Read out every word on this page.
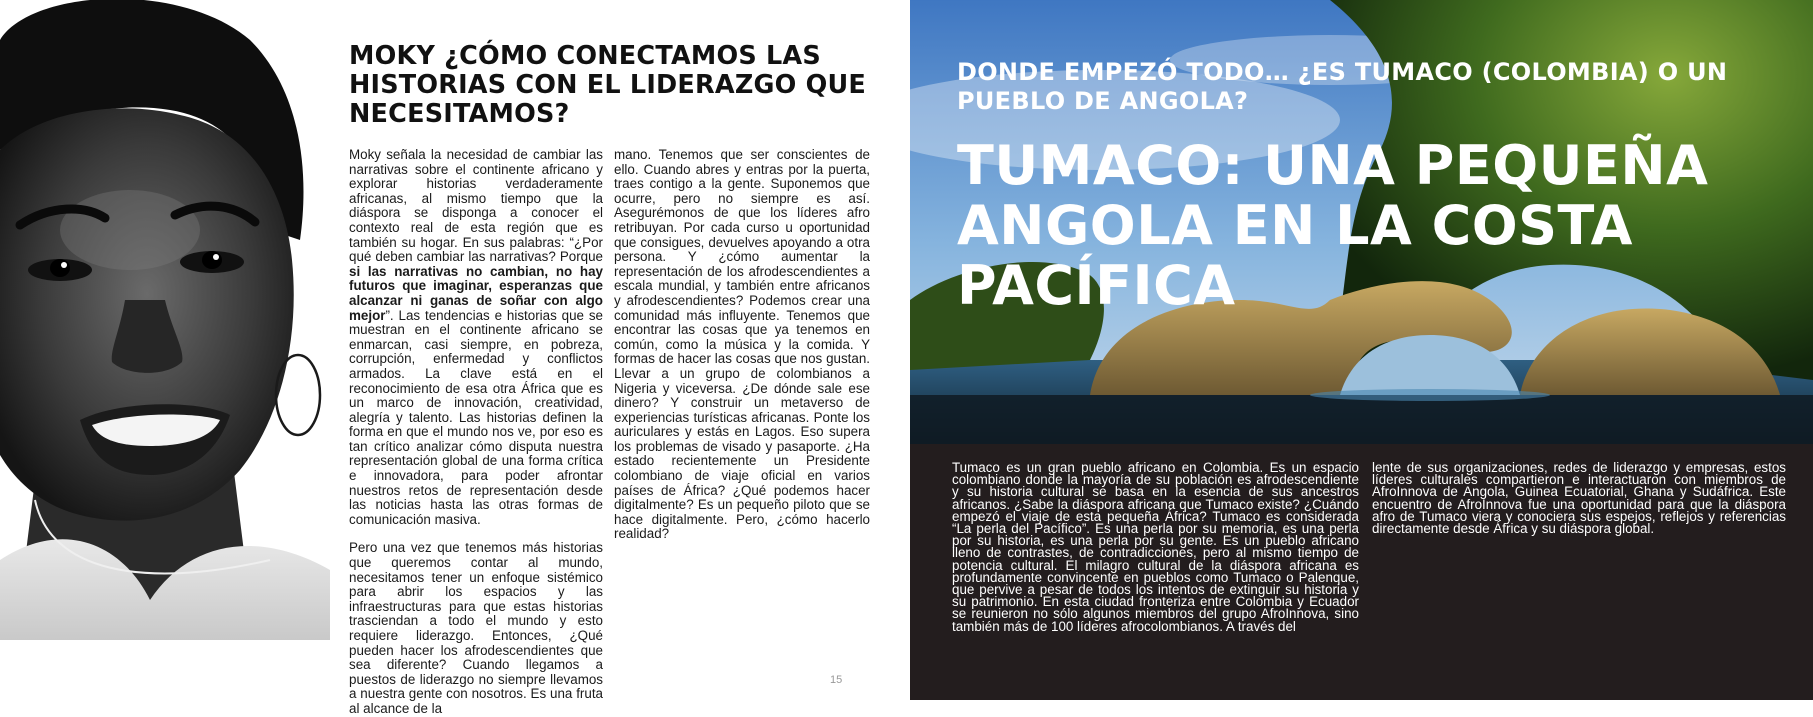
MOKY ¿CÓMO CONECTAMOS LAS HISTORIAS CON EL LIDERAZGO QUE NECESITAMOS?

Moky señala la necesidad de cambiar las narrativas sobre el continente africano y explorar historias verdaderamente africanas, al mismo tiempo que la diáspora se disponga a conocer el contexto real de esta región que es también su hogar. En sus palabras: “¿Por qué deben cambiar las narrativas? Porque si las narrativas no cambian, no hay futuros que imaginar, esperanzas que alcanzar ni ganas de soñar con algo mejor”. Las tendencias e historias que se muestran en el continente africano se enmarcan, casi siempre, en pobreza, corrupción, enfermedad y conflictos armados. La clave está en el reconocimiento de esa otra África que es un marco de innovación, creatividad, alegría y talento. Las historias definen la forma en que el mundo nos ve, por eso es tan crítico analizar cómo disputa nuestra representación global de una forma crítica e innovadora, para poder afrontar nuestros retos de representación desde las noticias hasta las otras formas de comunicación masiva.

Pero una vez que tenemos más historias que queremos contar al mundo, necesitamos tener un enfoque sistémico para abrir los espacios y las infraestructuras para que estas historias trasciendan a todo el mundo y esto requiere liderazgo. Entonces, ¿Qué pueden hacer los afrodescendientes que sea diferente? Cuando llegamos a puestos de liderazgo no siempre llevamos a nuestra gente con nosotros. Es una fruta al alcance de la

mano. Tenemos que ser conscientes de ello. Cuando abres y entras por la puerta, traes contigo a la gente. Suponemos que ocurre, pero no siempre es así. Asegurémonos de que los líderes afro retribuyan. Por cada curso u oportunidad que consigues, devuelves apoyando a otra persona. Y ¿cómo aumentar la representación de los afrodescendientes a escala mundial, y también entre africanos y afrodescendientes? Podemos crear una comunidad más influyente. Tenemos que encontrar las cosas que ya tenemos en común, como la música y la comida. Y formas de hacer las cosas que nos gustan. Llevar a un grupo de colombianos a Nigeria y viceversa. ¿De dónde sale ese dinero? Y construir un metaverso de experiencias turísticas africanas. Ponte los auriculares y estás en Lagos. Eso supera los problemas de visado y pasaporte. ¿Ha estado recientemente un Presidente colombiano de viaje oficial en varios países de África? ¿Qué podemos hacer digitalmente? Es un pequeño piloto que se hace digitalmente. Pero, ¿cómo hacerlo realidad?

15
DONDE EMPEZÓ TODO… ¿ES TUMACO (COLOMBIA) O UN PUEBLO DE ANGOLA?
TUMACO: UNA PEQUEÑA ANGOLA EN LA COSTA PACÍFICA

Tumaco es un gran pueblo africano en Colombia. Es un espacio colombiano donde la mayoría de su población es afrodescendiente y su historia cultural se basa en la esencia de sus ancestros africanos. ¿Sabe la diáspora africana que Tumaco existe? ¿Cuándo empezó el viaje de esta pequeña África? Tumaco es considerada “La perla del Pacífico”. Es una perla por su memoria, es una perla por su historia, es una perla por su gente. Es un pueblo africano lleno de contrastes, de contradicciones, pero al mismo tiempo de potencia cultural. El milagro cultural de la diáspora africana es profundamente convincente en pueblos como Tumaco o Palenque, que pervive a pesar de todos los intentos de extinguir su historia y su patrimonio. En esta ciudad fronteriza entre Colombia y Ecuador se reunieron no sólo algunos miembros del grupo AfroInnova, sino también más de 100 líderes afrocolombianos. A través del

lente de sus organizaciones, redes de liderazgo y empresas, estos líderes culturales compartieron e interactuaron con miembros de AfroInnova de Angola, Guinea Ecuatorial, Ghana y Sudáfrica. Este encuentro de AfroInnova fue una oportunidad para que la diáspora afro de Tumaco viera y conociera sus espejos, reflejos y referencias directamente desde África y su diáspora global.
